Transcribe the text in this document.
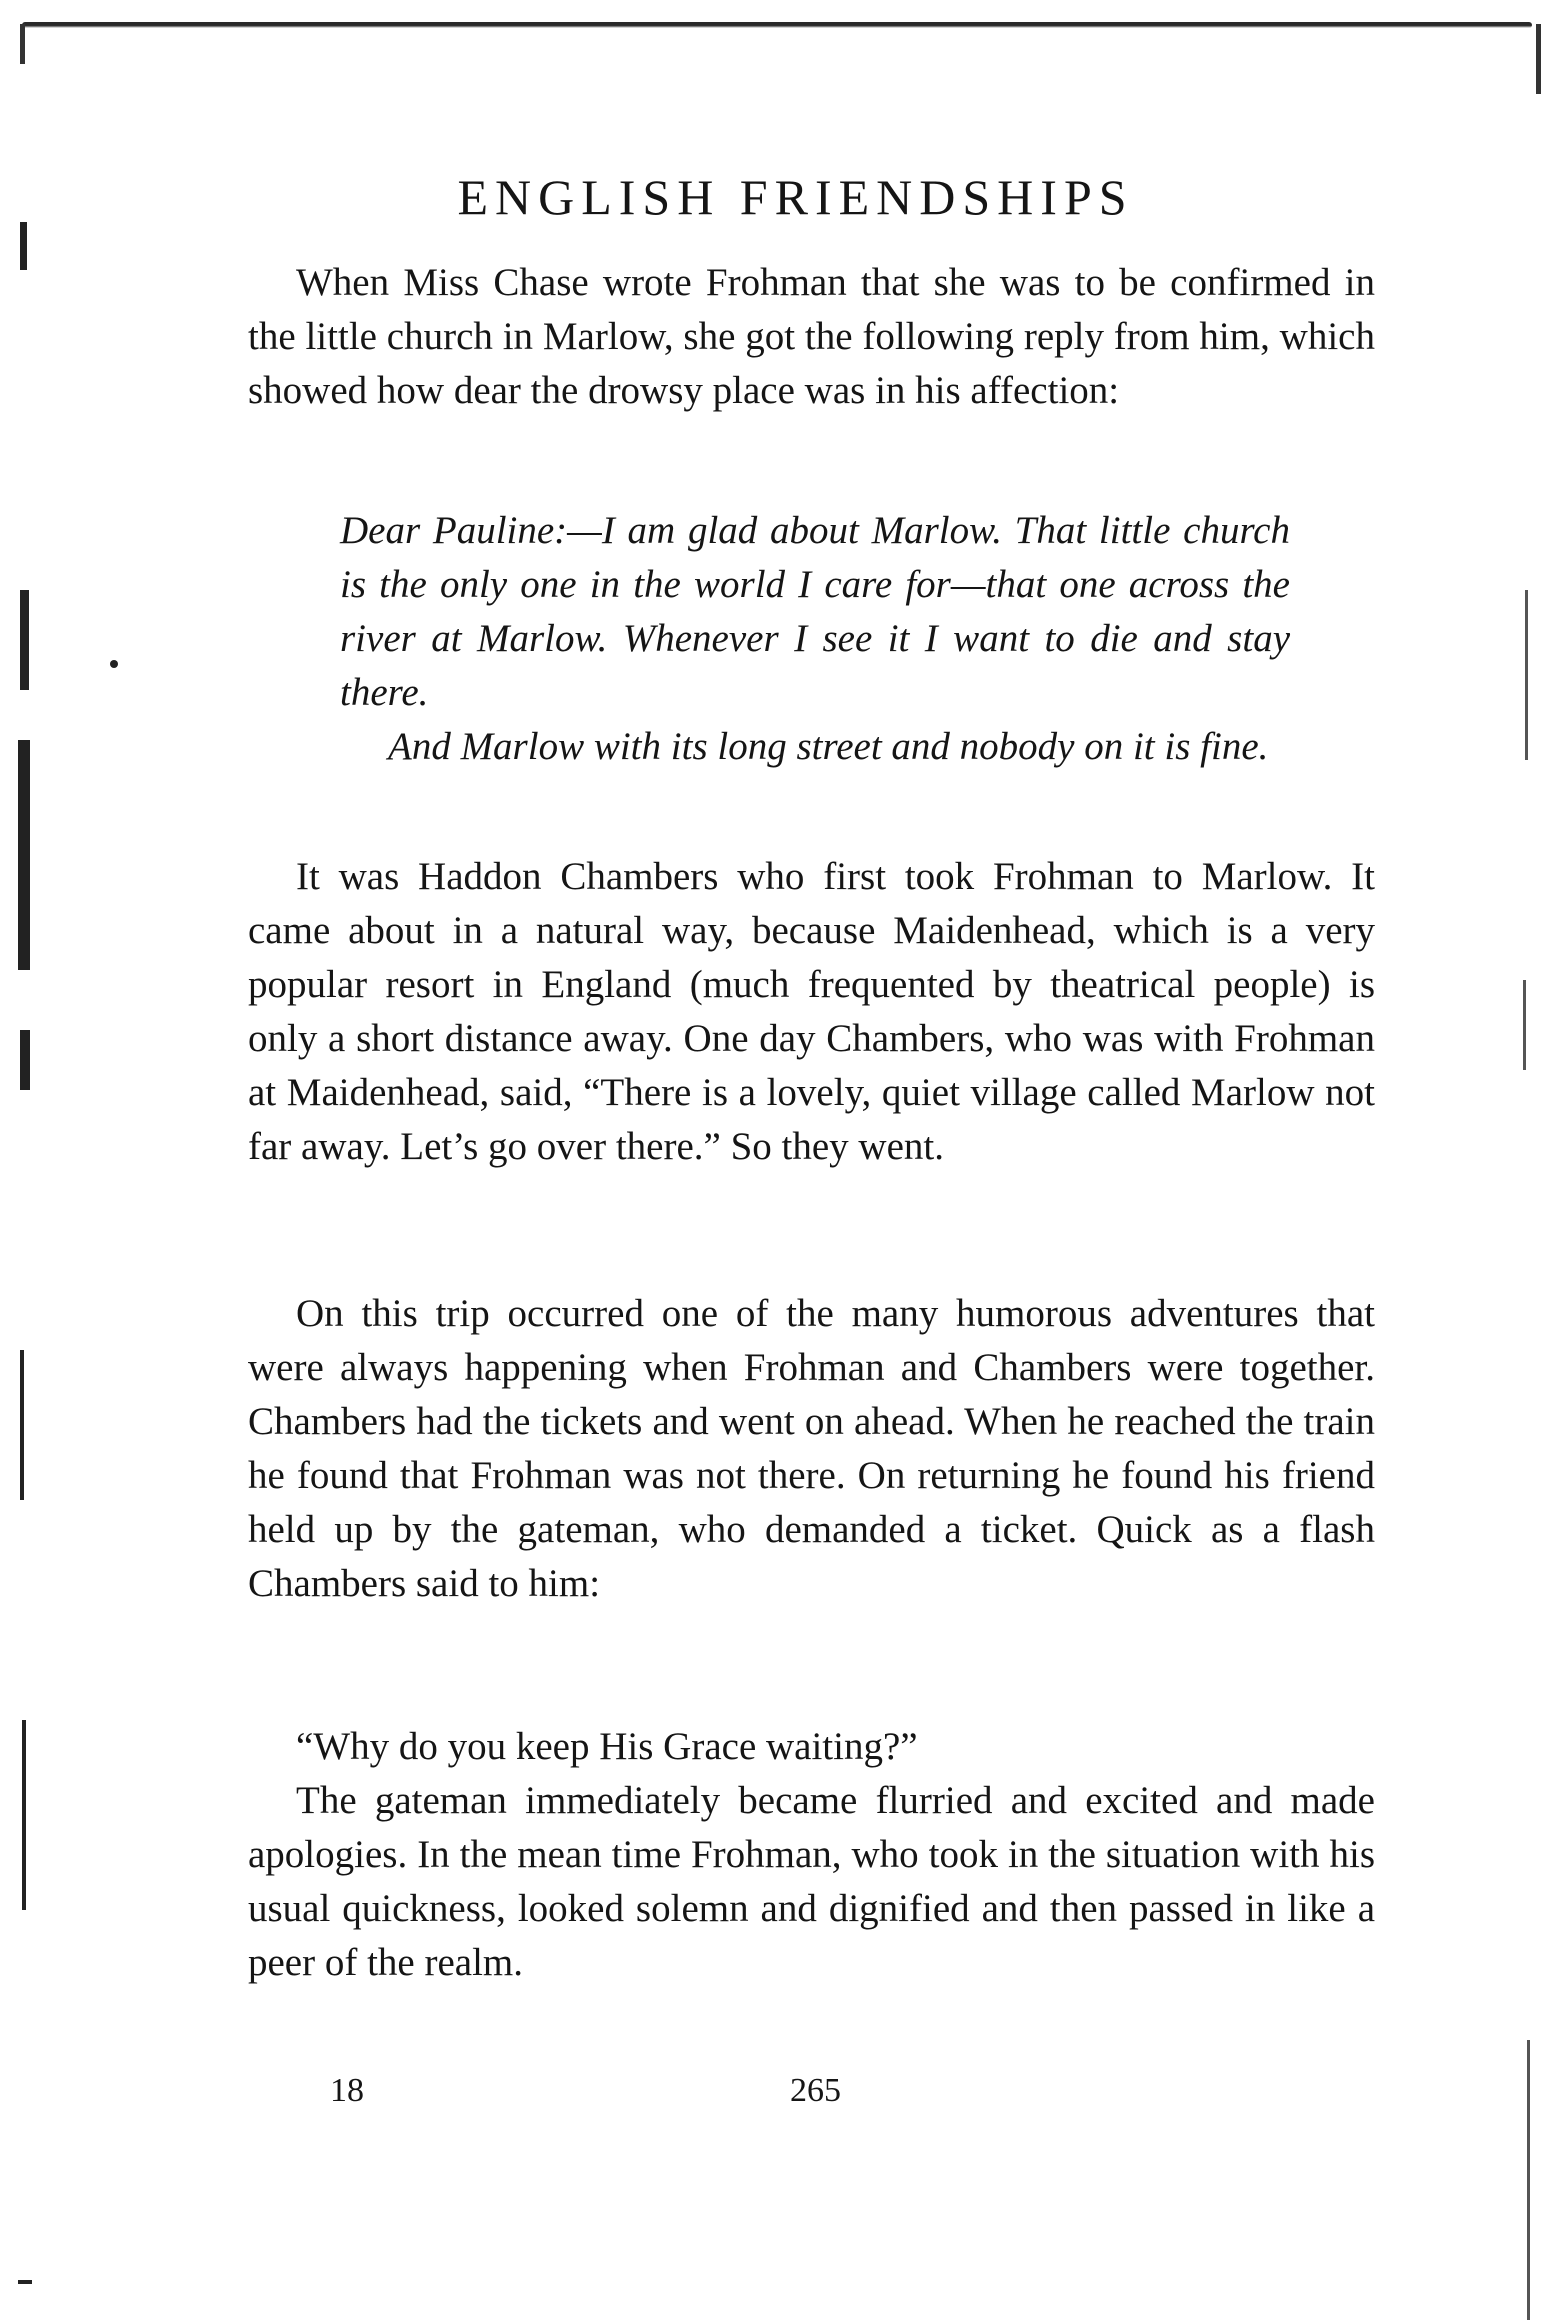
ENGLISH FRIENDSHIPS

When Miss Chase wrote Frohman that she was to be confirmed in the little church in Marlow, she got the following reply from him, which showed how dear the drowsy place was in his affection:

Dear Pauline:—I am glad about Marlow. That little church is the only one in the world I care for—that one across the river at Marlow. Whenever I see it I want to die and stay there.

And Marlow with its long street and nobody on it is fine.

It was Haddon Chambers who first took Frohman to Marlow. It came about in a natural way, because Maidenhead, which is a very popular resort in England (much frequented by theatrical people) is only a short distance away. One day Chambers, who was with Frohman at Maidenhead, said, “There is a lovely, quiet village called Marlow not far away. Let’s go over there.” So they went.

On this trip occurred one of the many humorous adventures that were always happening when Frohman and Chambers were together. Chambers had the tickets and went on ahead. When he reached the train he found that Frohman was not there. On returning he found his friend held up by the gateman, who demanded a ticket. Quick as a flash Chambers said to him:

“Why do you keep His Grace waiting?”

The gateman immediately became flurried and excited and made apologies. In the mean time Frohman, who took in the situation with his usual quickness, looked solemn and dignified and then passed in like a peer of the realm.

18	265
